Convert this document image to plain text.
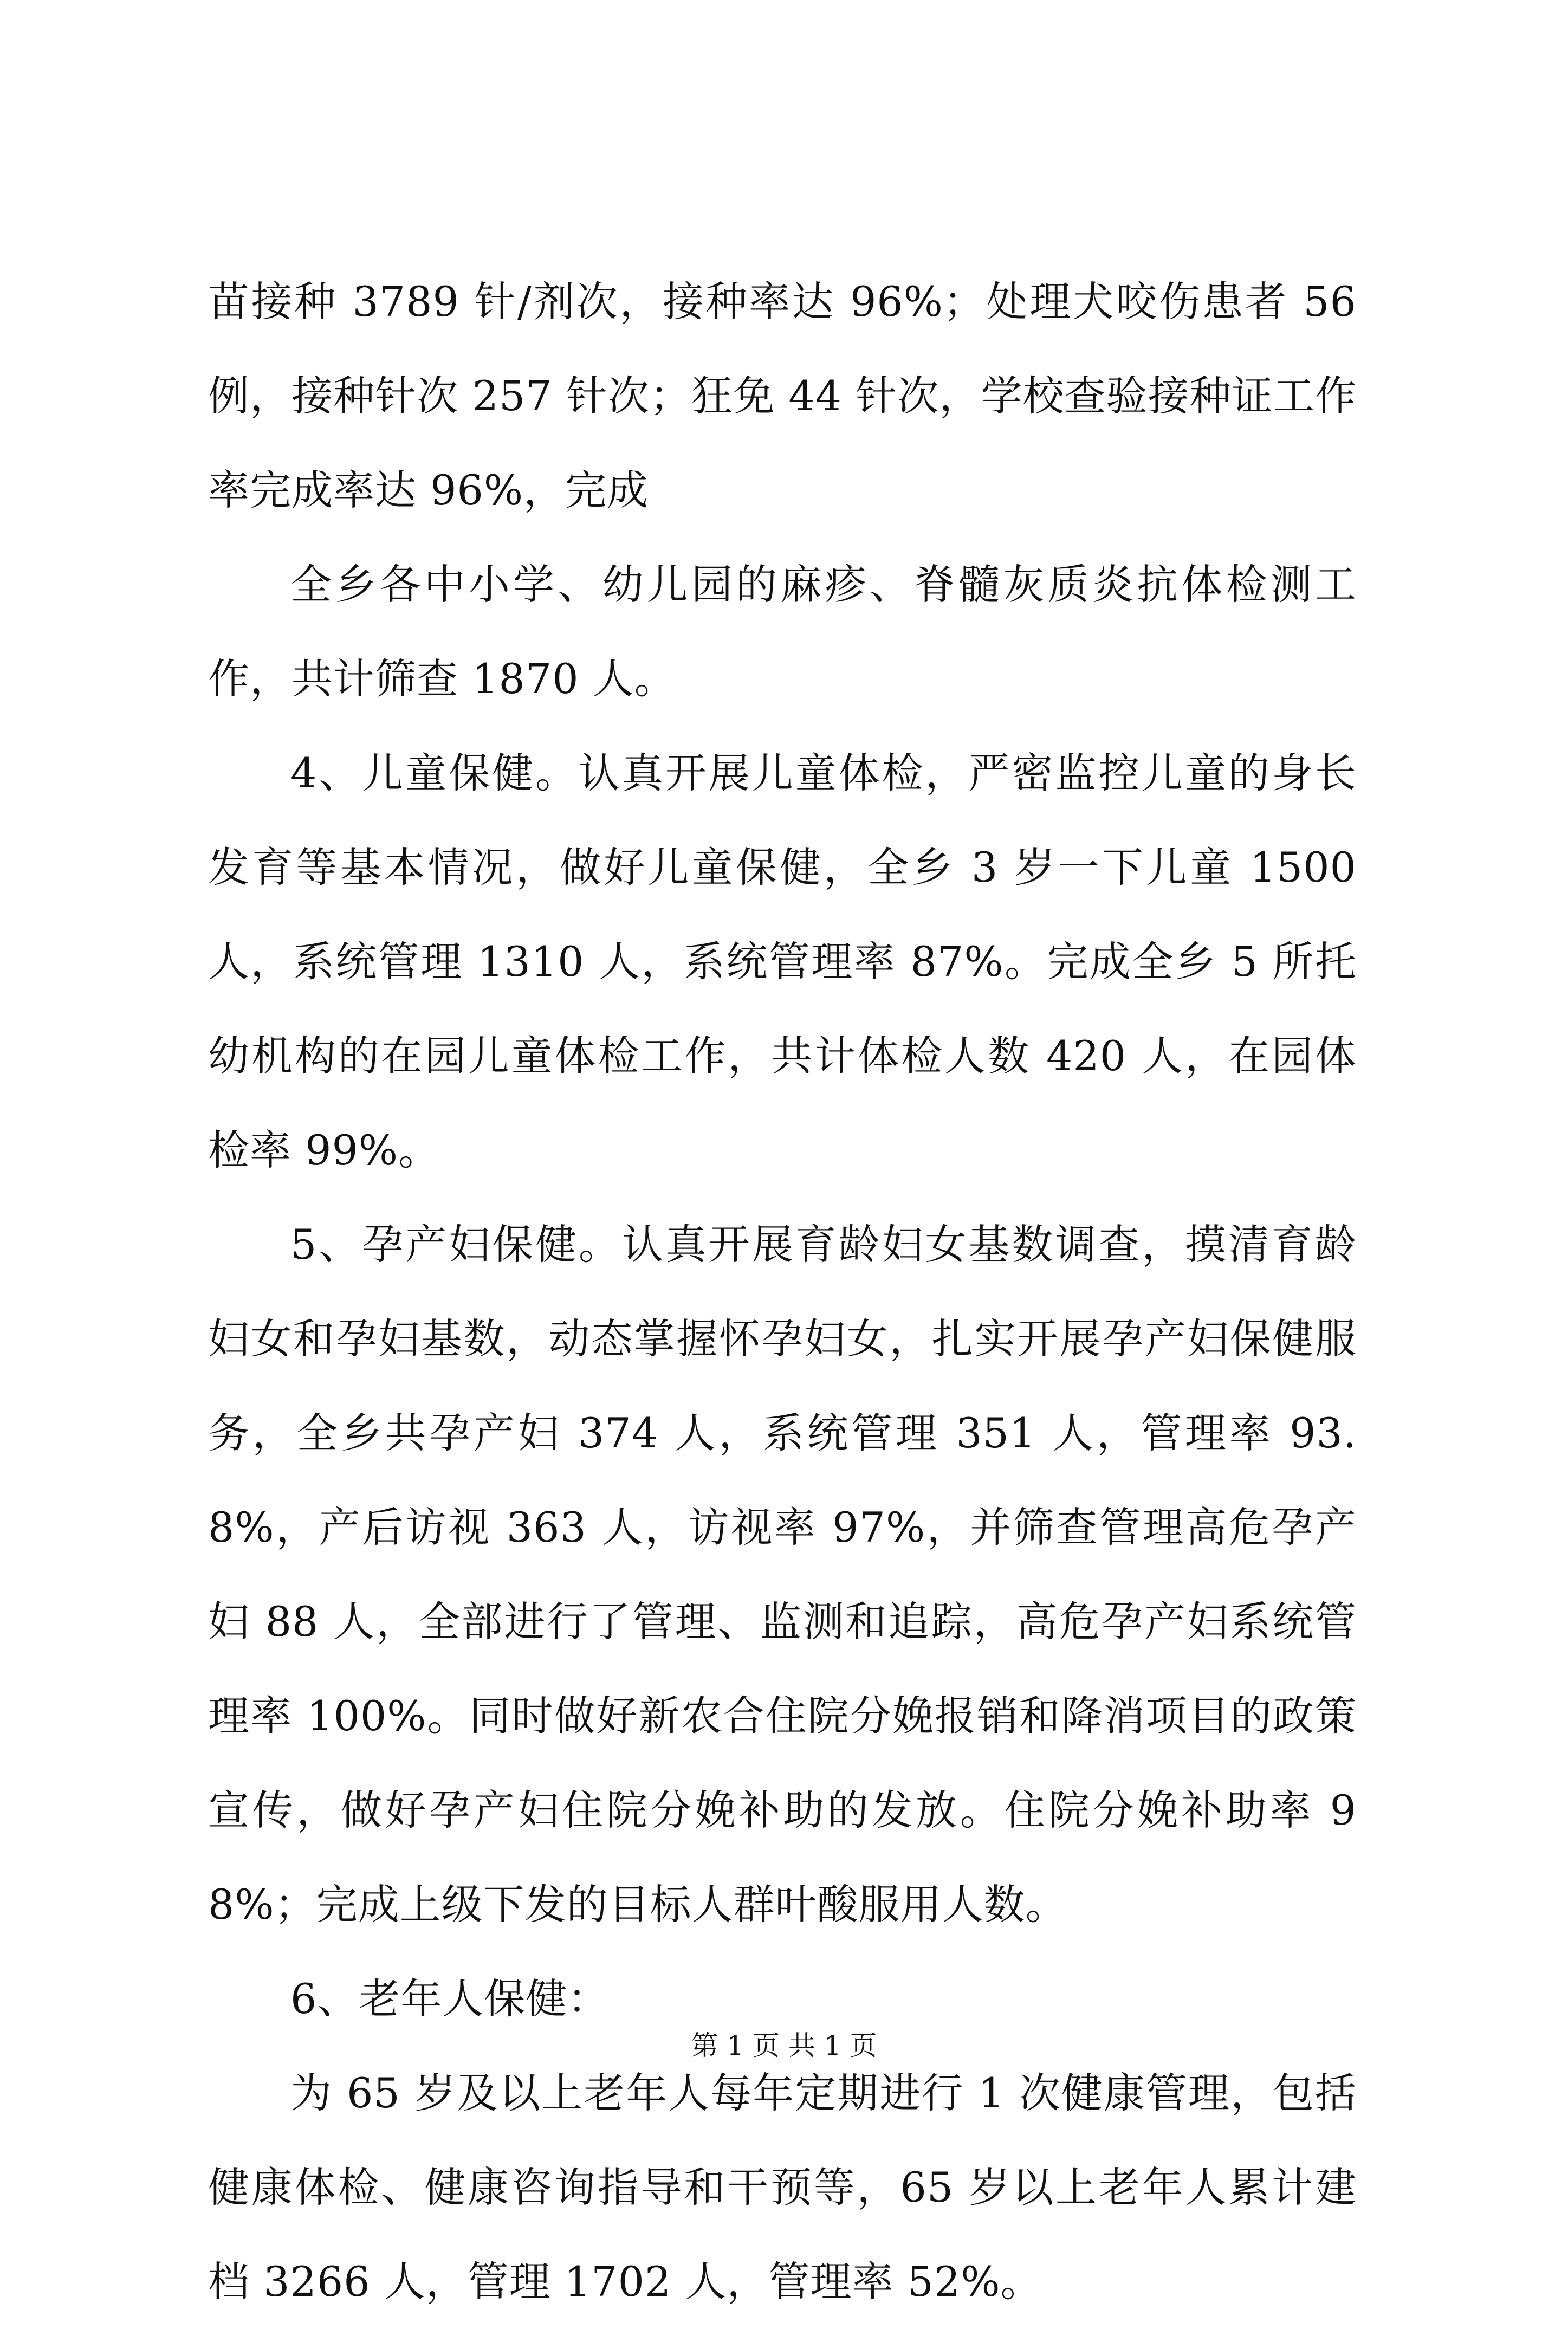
苗接种 3789 针/剂次，接种率达 96%；处理犬咬伤患者 56 例，接种针次 257 针次；狂免 44 针次，学校查验接种证工作率完成率达 96%，完成

全乡各中小学、幼儿园的麻疹、脊髓灰质炎抗体检测工作，共计筛查 1870 人。

4、儿童保健。认真开展儿童体检，严密监控儿童的身长发育等基本情况，做好儿童保健，全乡 3 岁一下儿童 1500 人，系统管理 1310 人，系统管理率 87%。完成全乡 5 所托幼机构的在园儿童体检工作，共计体检人数 420 人，在园体检率 99%。

5、孕产妇保健。认真开展育龄妇女基数调查，摸清育龄妇女和孕妇基数，动态掌握怀孕妇女，扎实开展孕产妇保健服务，全乡共孕产妇 374 人，系统管理 351 人，管理率 93.8%，产后访视 363 人，访视率 97%，并筛查管理高危孕产妇 88 人，全部进行了管理、监测和追踪，高危孕产妇系统管理率 100%。同时做好新农合住院分娩报销和降消项目的政策宣传，做好孕产妇住院分娩补助的发放。住院分娩补助率 98%；完成上级下发的目标人群叶酸服用人数。

6、老年人保健：

为 65 岁及以上老年人每年定期进行 1 次健康管理，包括健康体检、健康咨询指导和干预等，65 岁以上老年人累计建档 3266 人，管理 1702 人，管理率 52%。

第 1 页 共 1 页
